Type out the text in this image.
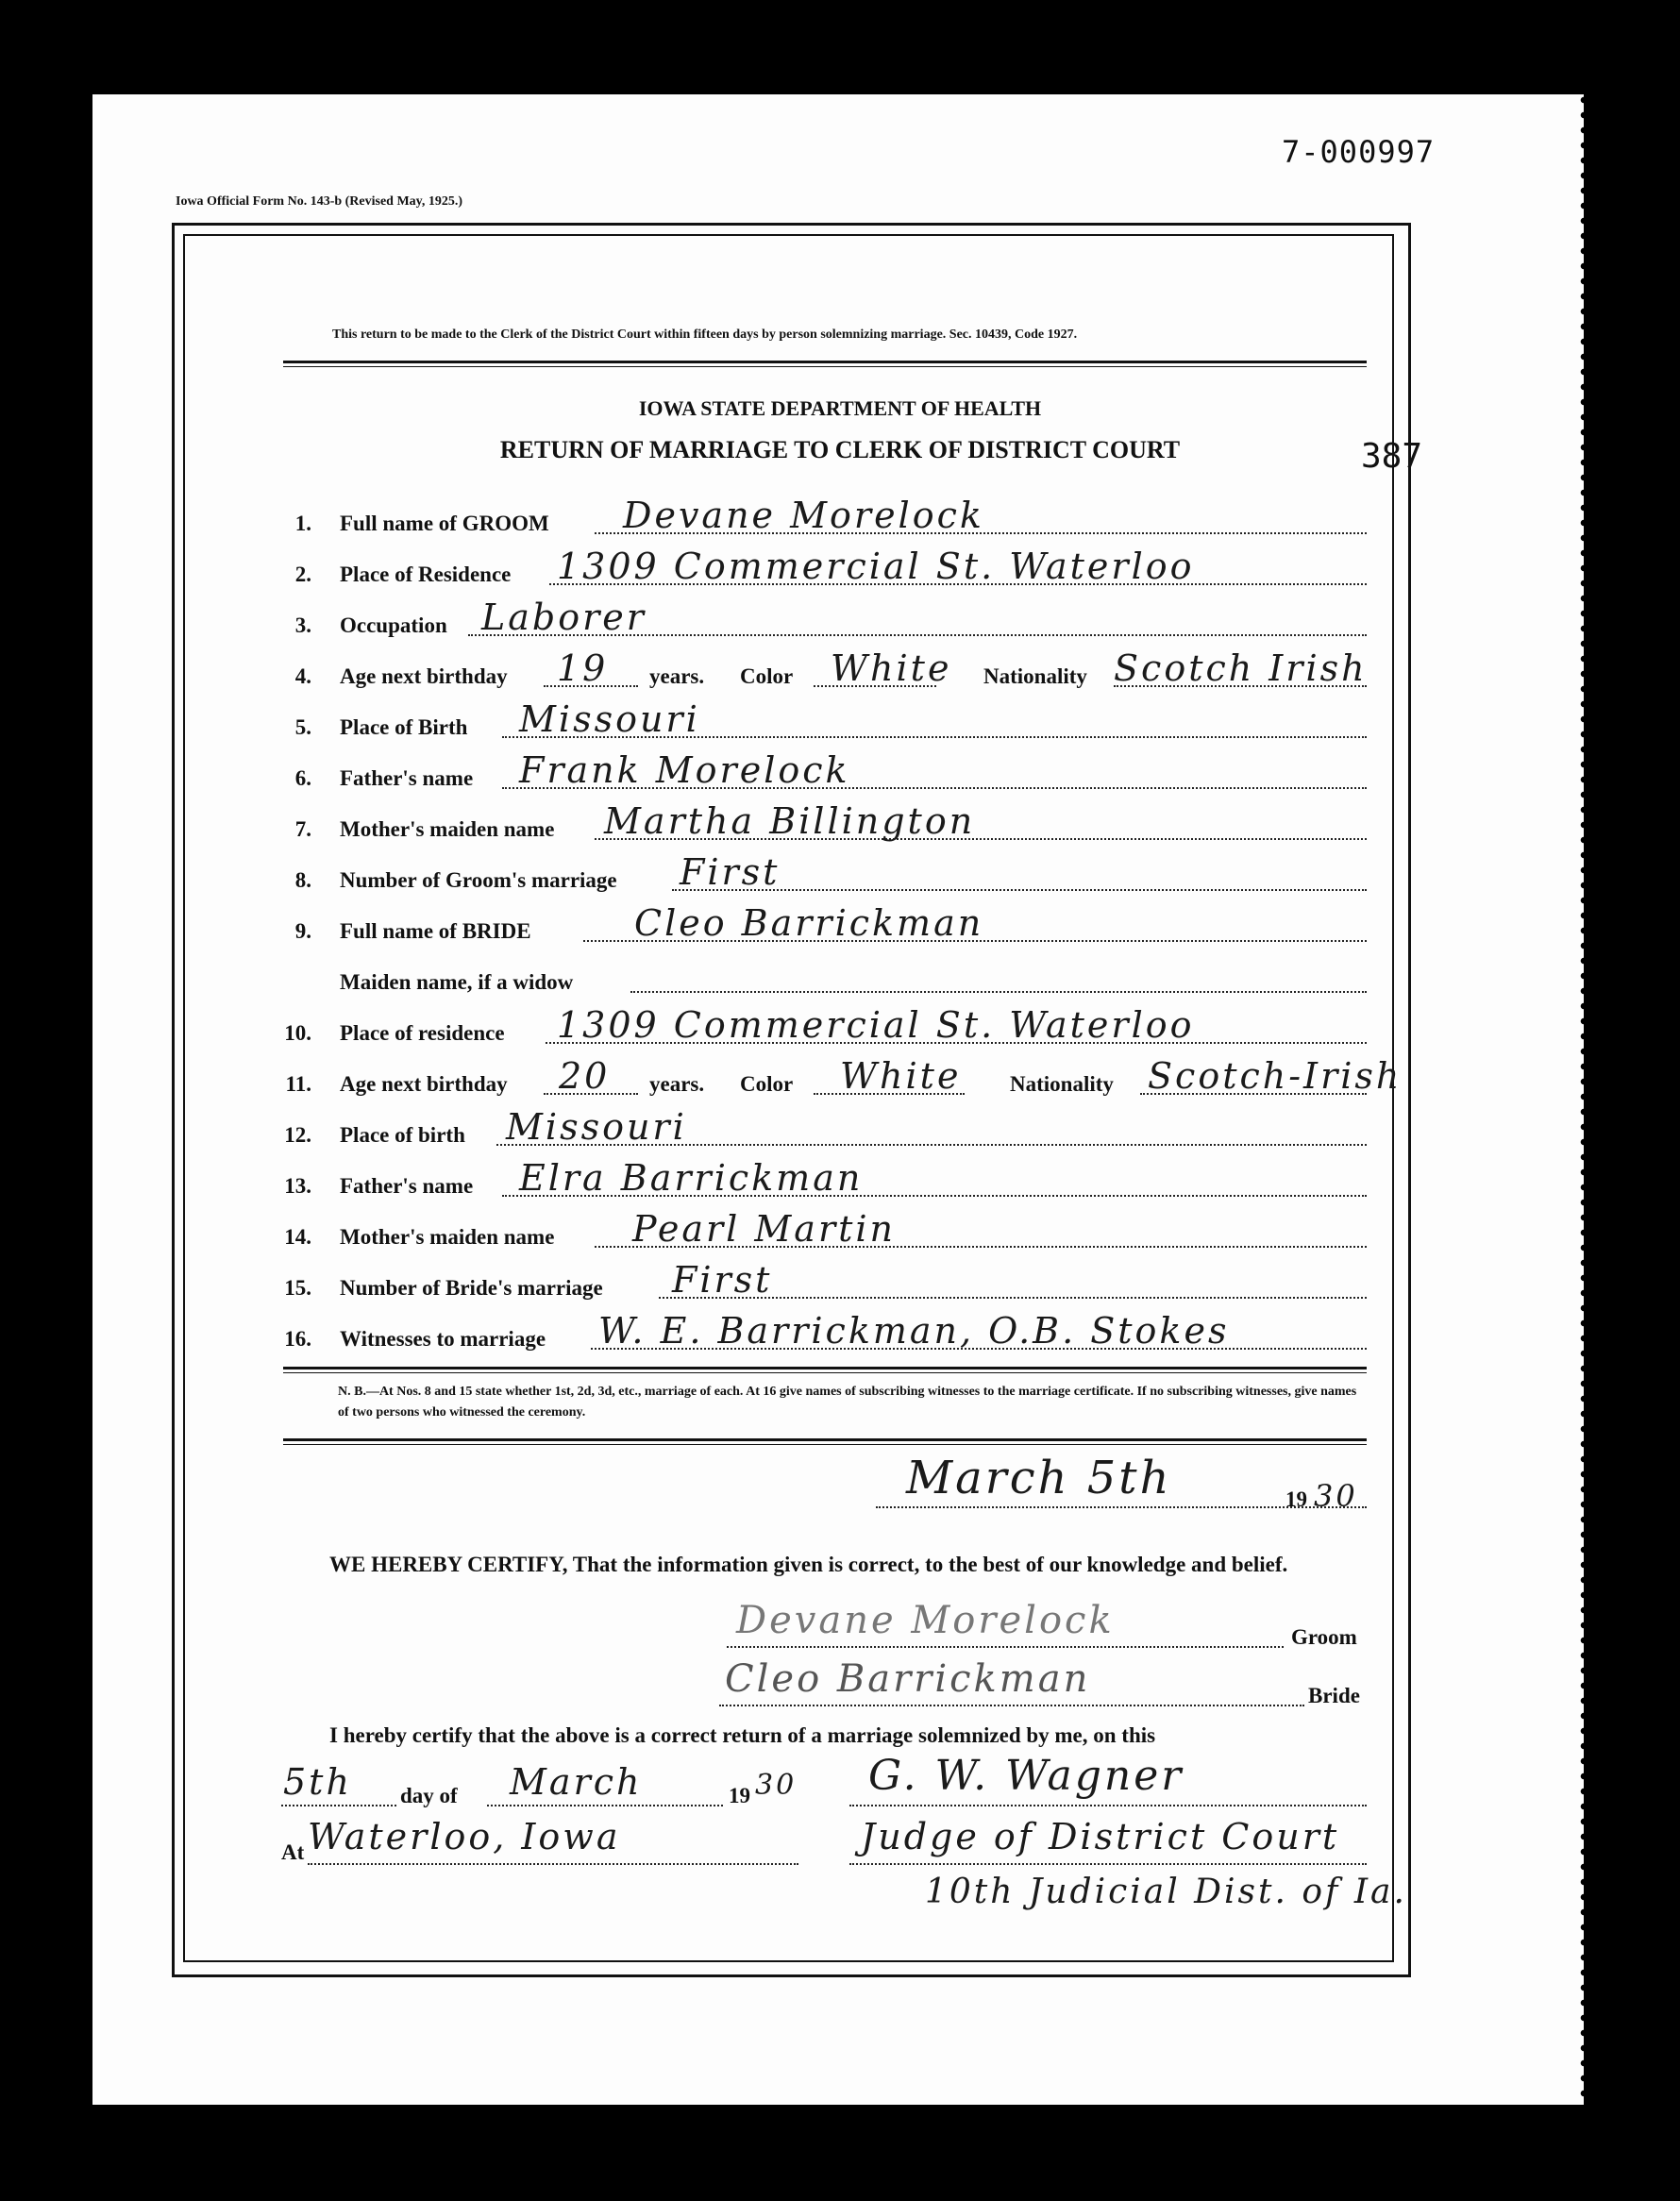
7-000997
Iowa Official Form No. 143-b (Revised May, 1925.)
This return to be made to the Clerk of the District Court within fifteen days by person solemnizing marriage. Sec. 10439, Code 1927.
IOWA STATE DEPARTMENT OF HEALTH
RETURN OF MARRIAGE TO CLERK OF DISTRICT COURT	387
1. Full name of GROOM Devane Morelock
2. Place of Residence 1309 Commercial St. Waterloo
3. Occupation Laborer
4. Age next birthday 19 years. Color White Nationality Scotch Irish
5. Place of Birth Missouri
6. Father's name Frank Morelock
7. Mother's maiden name Martha Billington
8. Number of Groom's marriage First
9. Full name of BRIDE	Cleo Barrickman
Maiden name, if a widow
10. Place of residence 1309 Commercial St. Waterloo
11. Age next birthday 20 years. Color White Nationality Scotch-Irish
12. Place of birth Missouri
13. Father's name Elra Barrickman
14. Mother's maiden name Pearl Martin
15. Number of Bride's marriage First
16. Witnesses to marriage W. E. Barrickman, O.B. Stokes
N. B.—At Nos. 8 and 15 state whether 1st, 2d, 3d, etc., marriage of each. At 16 give names of subscribing witnesses to the marriage certificate. If no subscribing witnesses, give names of two persons who witnessed the ceremony.
March 5th	19 30
WE HEREBY CERTIFY, That the information given is correct, to the best of our knowledge and belief.
Devane Morelock	Groom
Cleo Barrickman	Bride
I hereby certify that the above is a correct return of a marriage solemnized by me, on this
5th day of March	19 30
At Waterloo, Iowa
G. W. Wagner
Judge of District Court
10th Judicial Dist. of Ia.
